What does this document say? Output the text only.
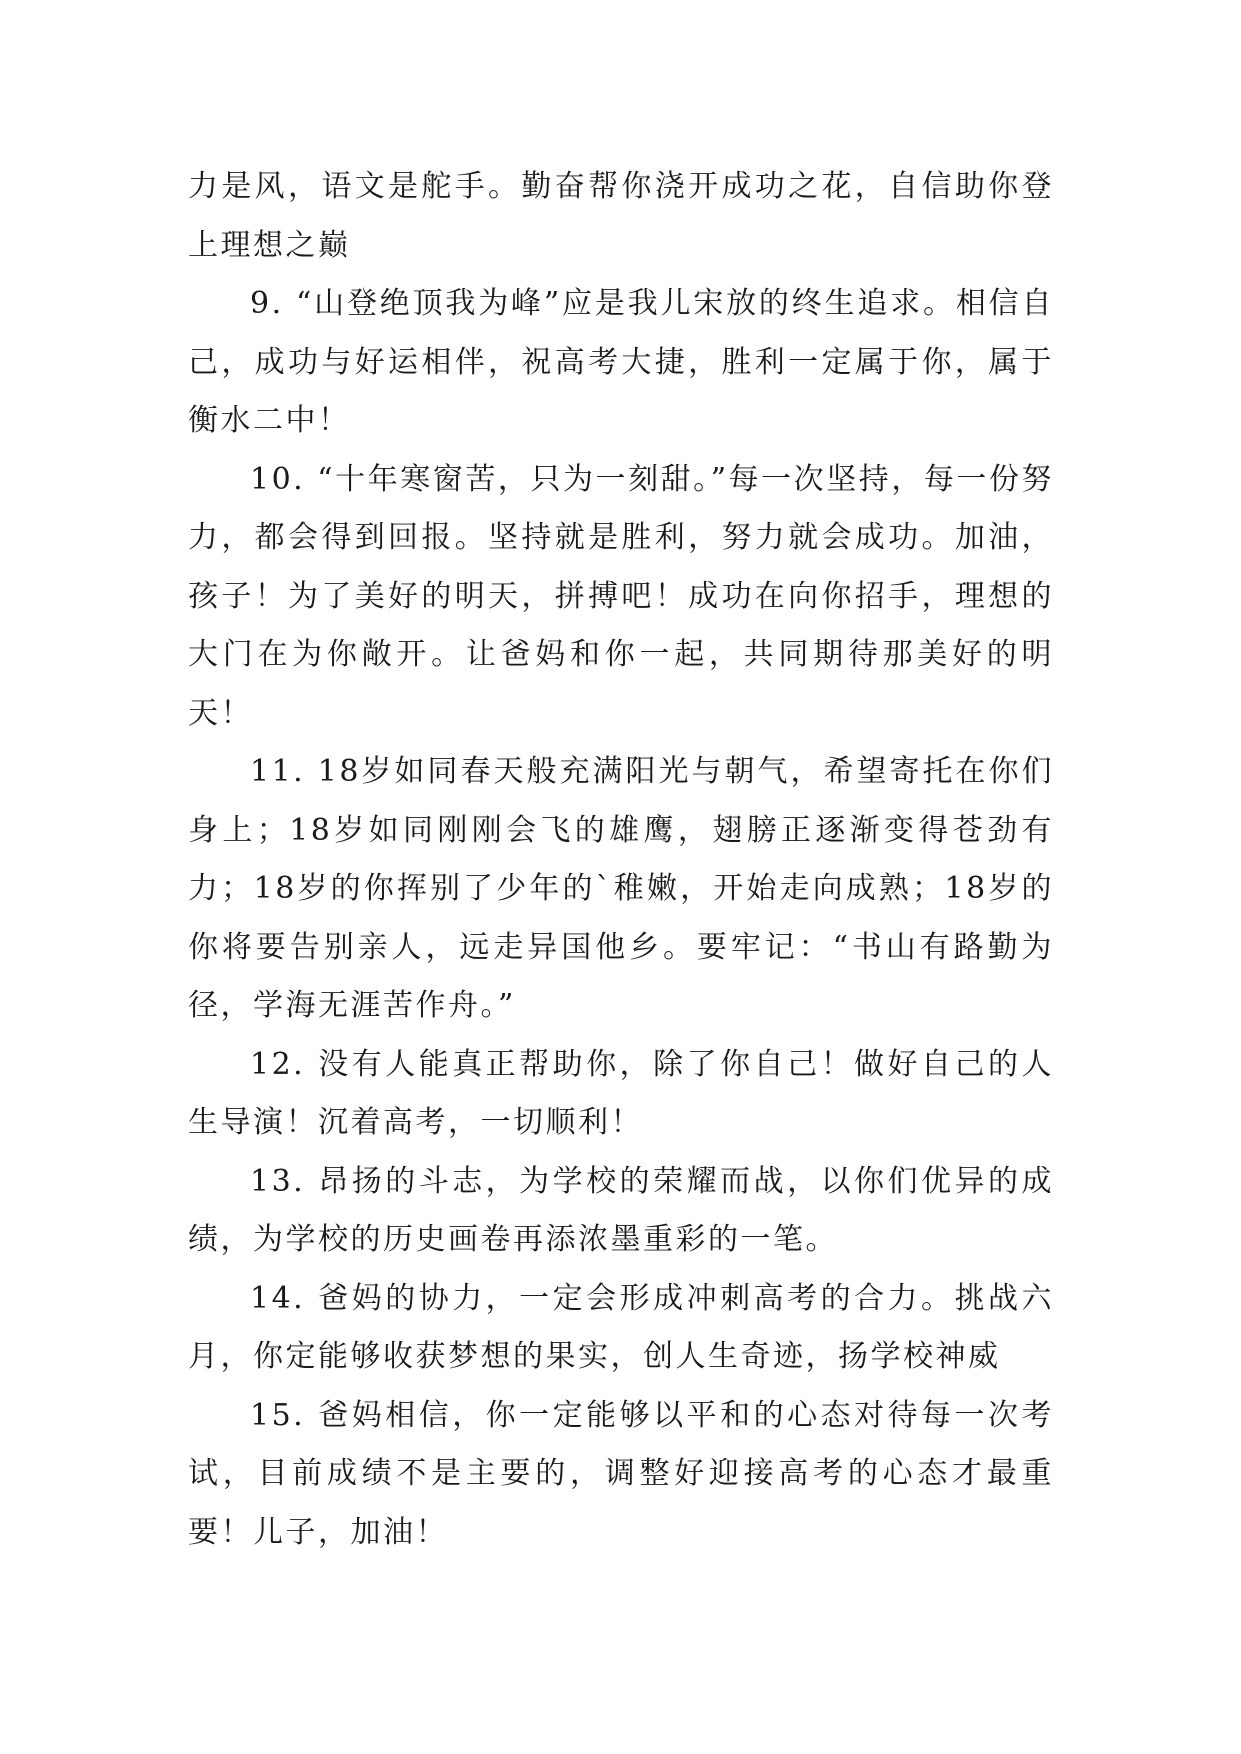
力是风，语文是舵手。勤奋帮你浇开成功之花，自信助你登上理想之巅

9. “山登绝顶我为峰”应是我儿宋放的终生追求。相信自己，成功与好运相伴，祝高考大捷，胜利一定属于你，属于衡水二中！

10. “十年寒窗苦，只为一刻甜。”每一次坚持，每一份努力，都会得到回报。坚持就是胜利，努力就会成功。加油，孩子！为了美好的明天，拼搏吧！成功在向你招手，理想的大门在为你敞开。让爸妈和你一起，共同期待那美好的明天！

11. 18岁如同春天般充满阳光与朝气，希望寄托在你们身上；18岁如同刚刚会飞的雄鹰，翅膀正逐渐变得苍劲有力；18岁的你挥别了少年的`稚嫩，开始走向成熟；18岁的你将要告别亲人，远走异国他乡。要牢记：“书山有路勤为径，学海无涯苦作舟。”

12. 没有人能真正帮助你，除了你自己！做好自己的人生导演！沉着高考，一切顺利！

13. 昂扬的斗志，为学校的荣耀而战，以你们优异的成绩，为学校的历史画卷再添浓墨重彩的一笔。

14. 爸妈的协力，一定会形成冲刺高考的合力。挑战六月，你定能够收获梦想的果实，创人生奇迹，扬学校神威

15. 爸妈相信，你一定能够以平和的心态对待每一次考试，目前成绩不是主要的，调整好迎接高考的心态才最重要！儿子，加油！
